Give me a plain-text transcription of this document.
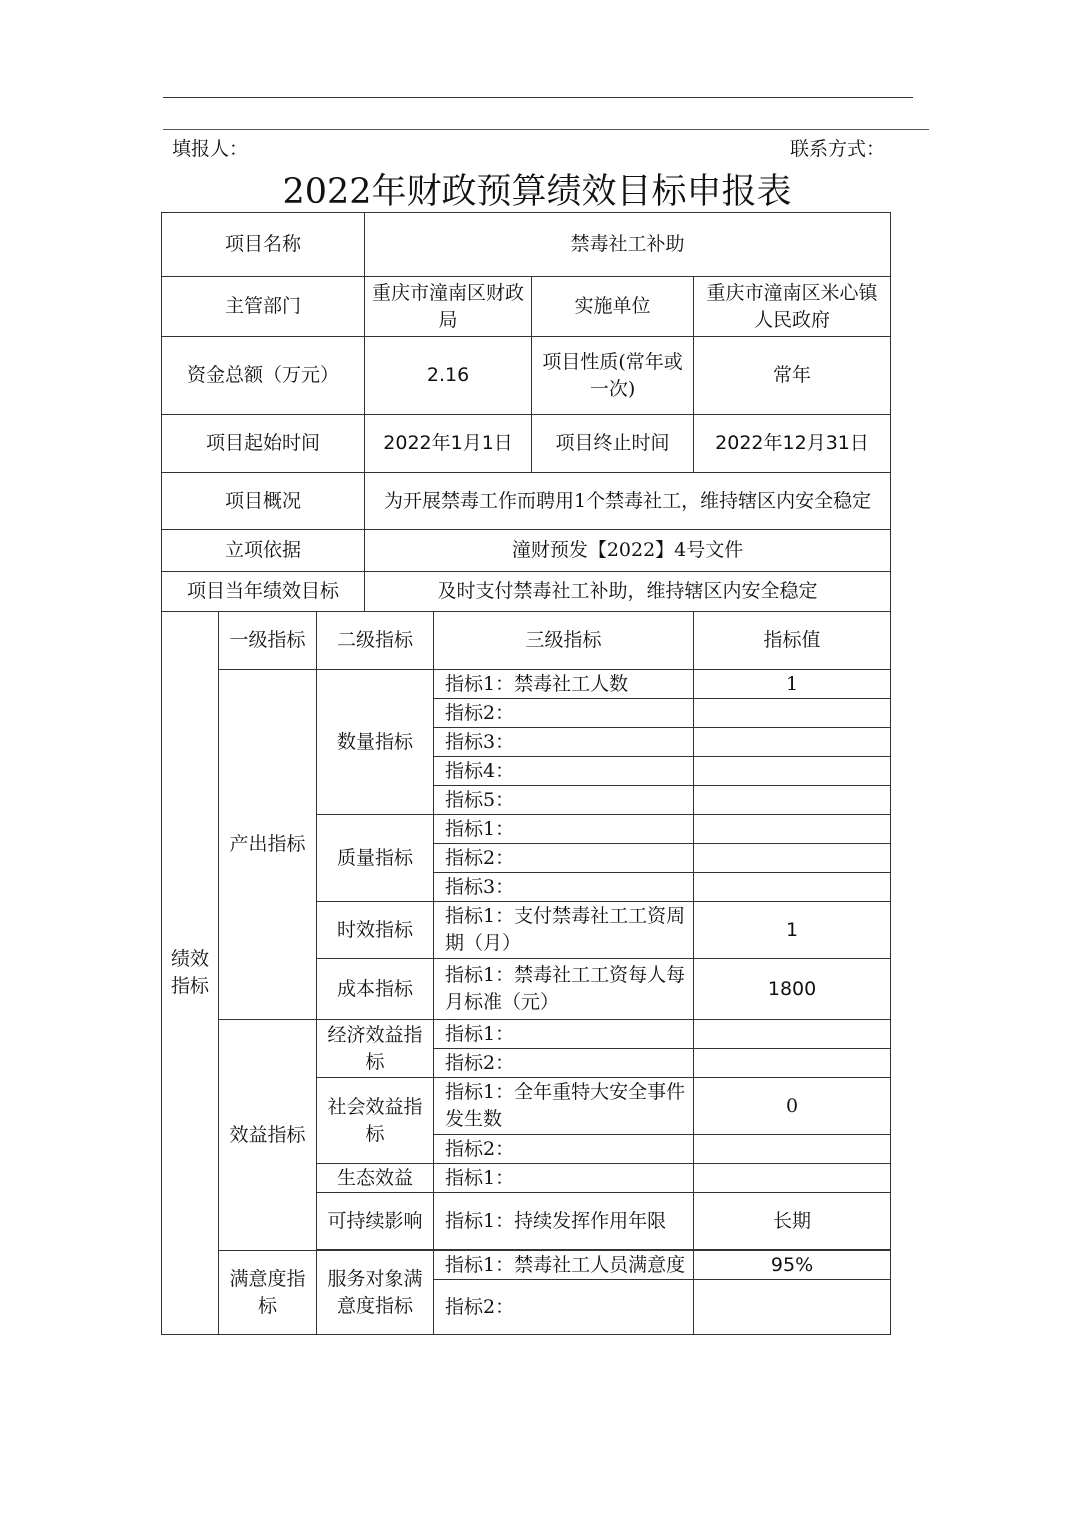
填报人：	联系方式：
2022年财政预算绩效目标申报表
项目名称			禁毒社工补助			
主管部门			重庆市潼南区财政局		实施单位	重庆市潼南区米心镇人民政府
资金总额（万元）			2.16		项目性质(常年或一次)	常年
项目起始时间			2022年1月1日		项目终止时间	2022年12月31日
项目概况			为开展禁毒工作而聘用1个禁毒社工，维持辖区内安全稳定			
立项依据			潼财预发【2022】4号文件			
项目当年绩效目标			及时支付禁毒社工补助，维持辖区内安全稳定			
绩效指标	一级指标	二级指标		三级指标		指标值
	产出指标	数量指标		指标1：禁毒社工人数		1
				指标2：		
				指标3：		
				指标4：		
				指标5：		
		质量指标		指标1：		
				指标2：		
				指标3：		
		时效指标		指标1：支付禁毒社工工资周期（月）		1
		成本指标		指标1：禁毒社工工资每人每月标准（元）		1800
	效益指标	经济效益指标		指标1：		
				指标2：		
		社会效益指标		指标1：全年重特大安全事件发生数		0
				指标2：		
		生态效益		指标1：		
		可持续影响		指标1：持续发挥作用年限		长期

	满意度指标	服务对象满意度指标		指标1：禁毒社工人员满意度		95%
				指标2：		
